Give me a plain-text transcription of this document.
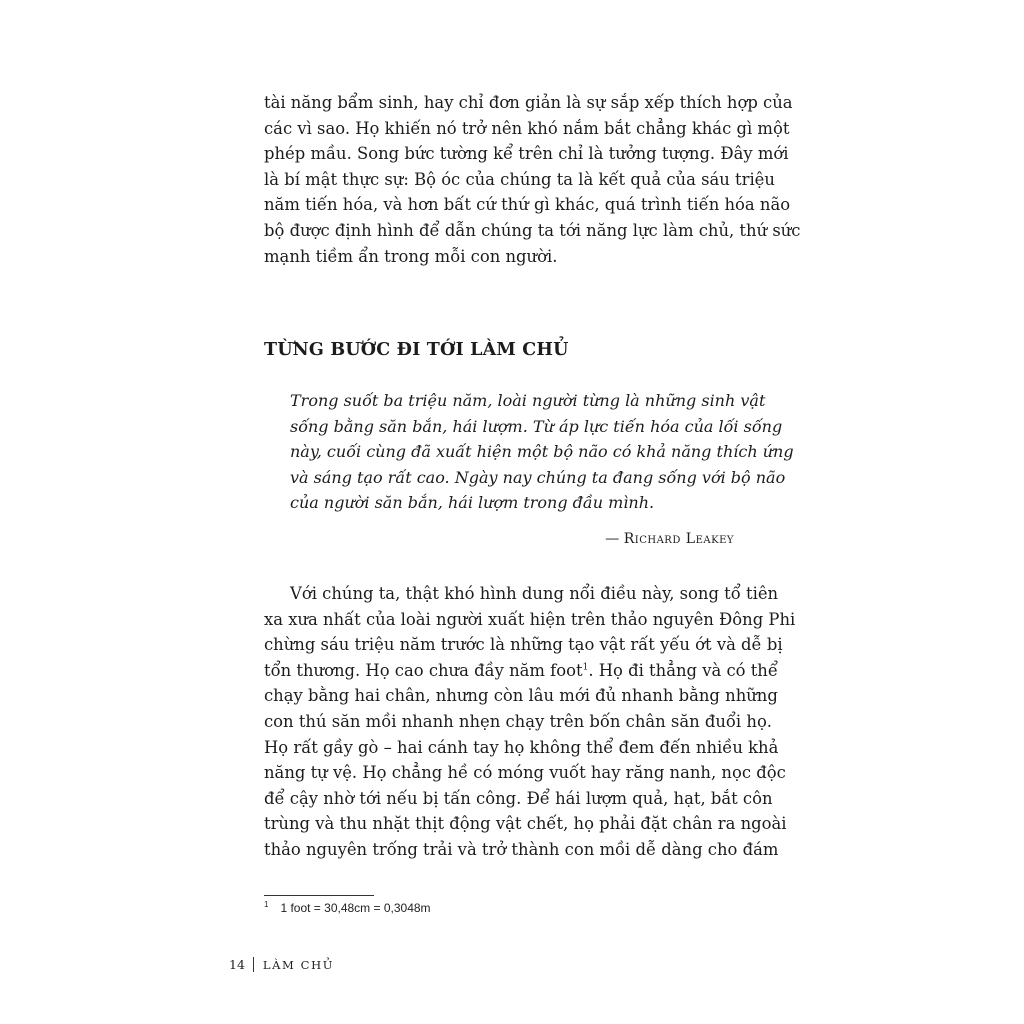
tài năng bẩm sinh, hay chỉ đơn giản là sự sắp xếp thích hợp của
các vì sao. Họ khiến nó trở nên khó nắm bắt chẳng khác gì một
phép mầu. Song bức tường kể trên chỉ là tưởng tượng. Đây mới
là bí mật thực sự: Bộ óc của chúng ta là kết quả của sáu triệu
năm tiến hóa, và hơn bất cứ thứ gì khác, quá trình tiến hóa não
bộ được định hình để dẫn chúng ta tới năng lực làm chủ, thứ sức
mạnh tiềm ẩn trong mỗi con người.

TỪNG BƯỚC ĐI TỚI LÀM CHỦ

Trong suốt ba triệu năm, loài người từng là những sinh vật
sống bằng săn bắn, hái lượm. Từ áp lực tiến hóa của lối sống
này, cuối cùng đã xuất hiện một bộ não có khả năng thích ứng
và sáng tạo rất cao. Ngày nay chúng ta đang sống với bộ não
của người săn bắn, hái lượm trong đầu mình.

— Richard Leakey

Với chúng ta, thật khó hình dung nổi điều này, song tổ tiên
xa xưa nhất của loài người xuất hiện trên thảo nguyên Đông Phi
chừng sáu triệu năm trước là những tạo vật rất yếu ớt và dễ bị
tổn thương. Họ cao chưa đầy năm foot$^1$. Họ đi thẳng và có thể
chạy bằng hai chân, nhưng còn lâu mới đủ nhanh bằng những
con thú săn mồi nhanh nhẹn chạy trên bốn chân săn đuổi họ.
Họ rất gầy gò – hai cánh tay họ không thể đem đến nhiều khả
năng tự vệ. Họ chẳng hề có móng vuốt hay răng nanh, nọc độc
để cậy nhờ tới nếu bị tấn công. Để hái lượm quả, hạt, bắt côn
trùng và thu nhặt thịt động vật chết, họ phải đặt chân ra ngoài
thảo nguyên trống trải và trở thành con mồi dễ dàng cho đám

$^1$ 1 foot = 30,48cm = 0,3048m
14 LÀM CHỦ
